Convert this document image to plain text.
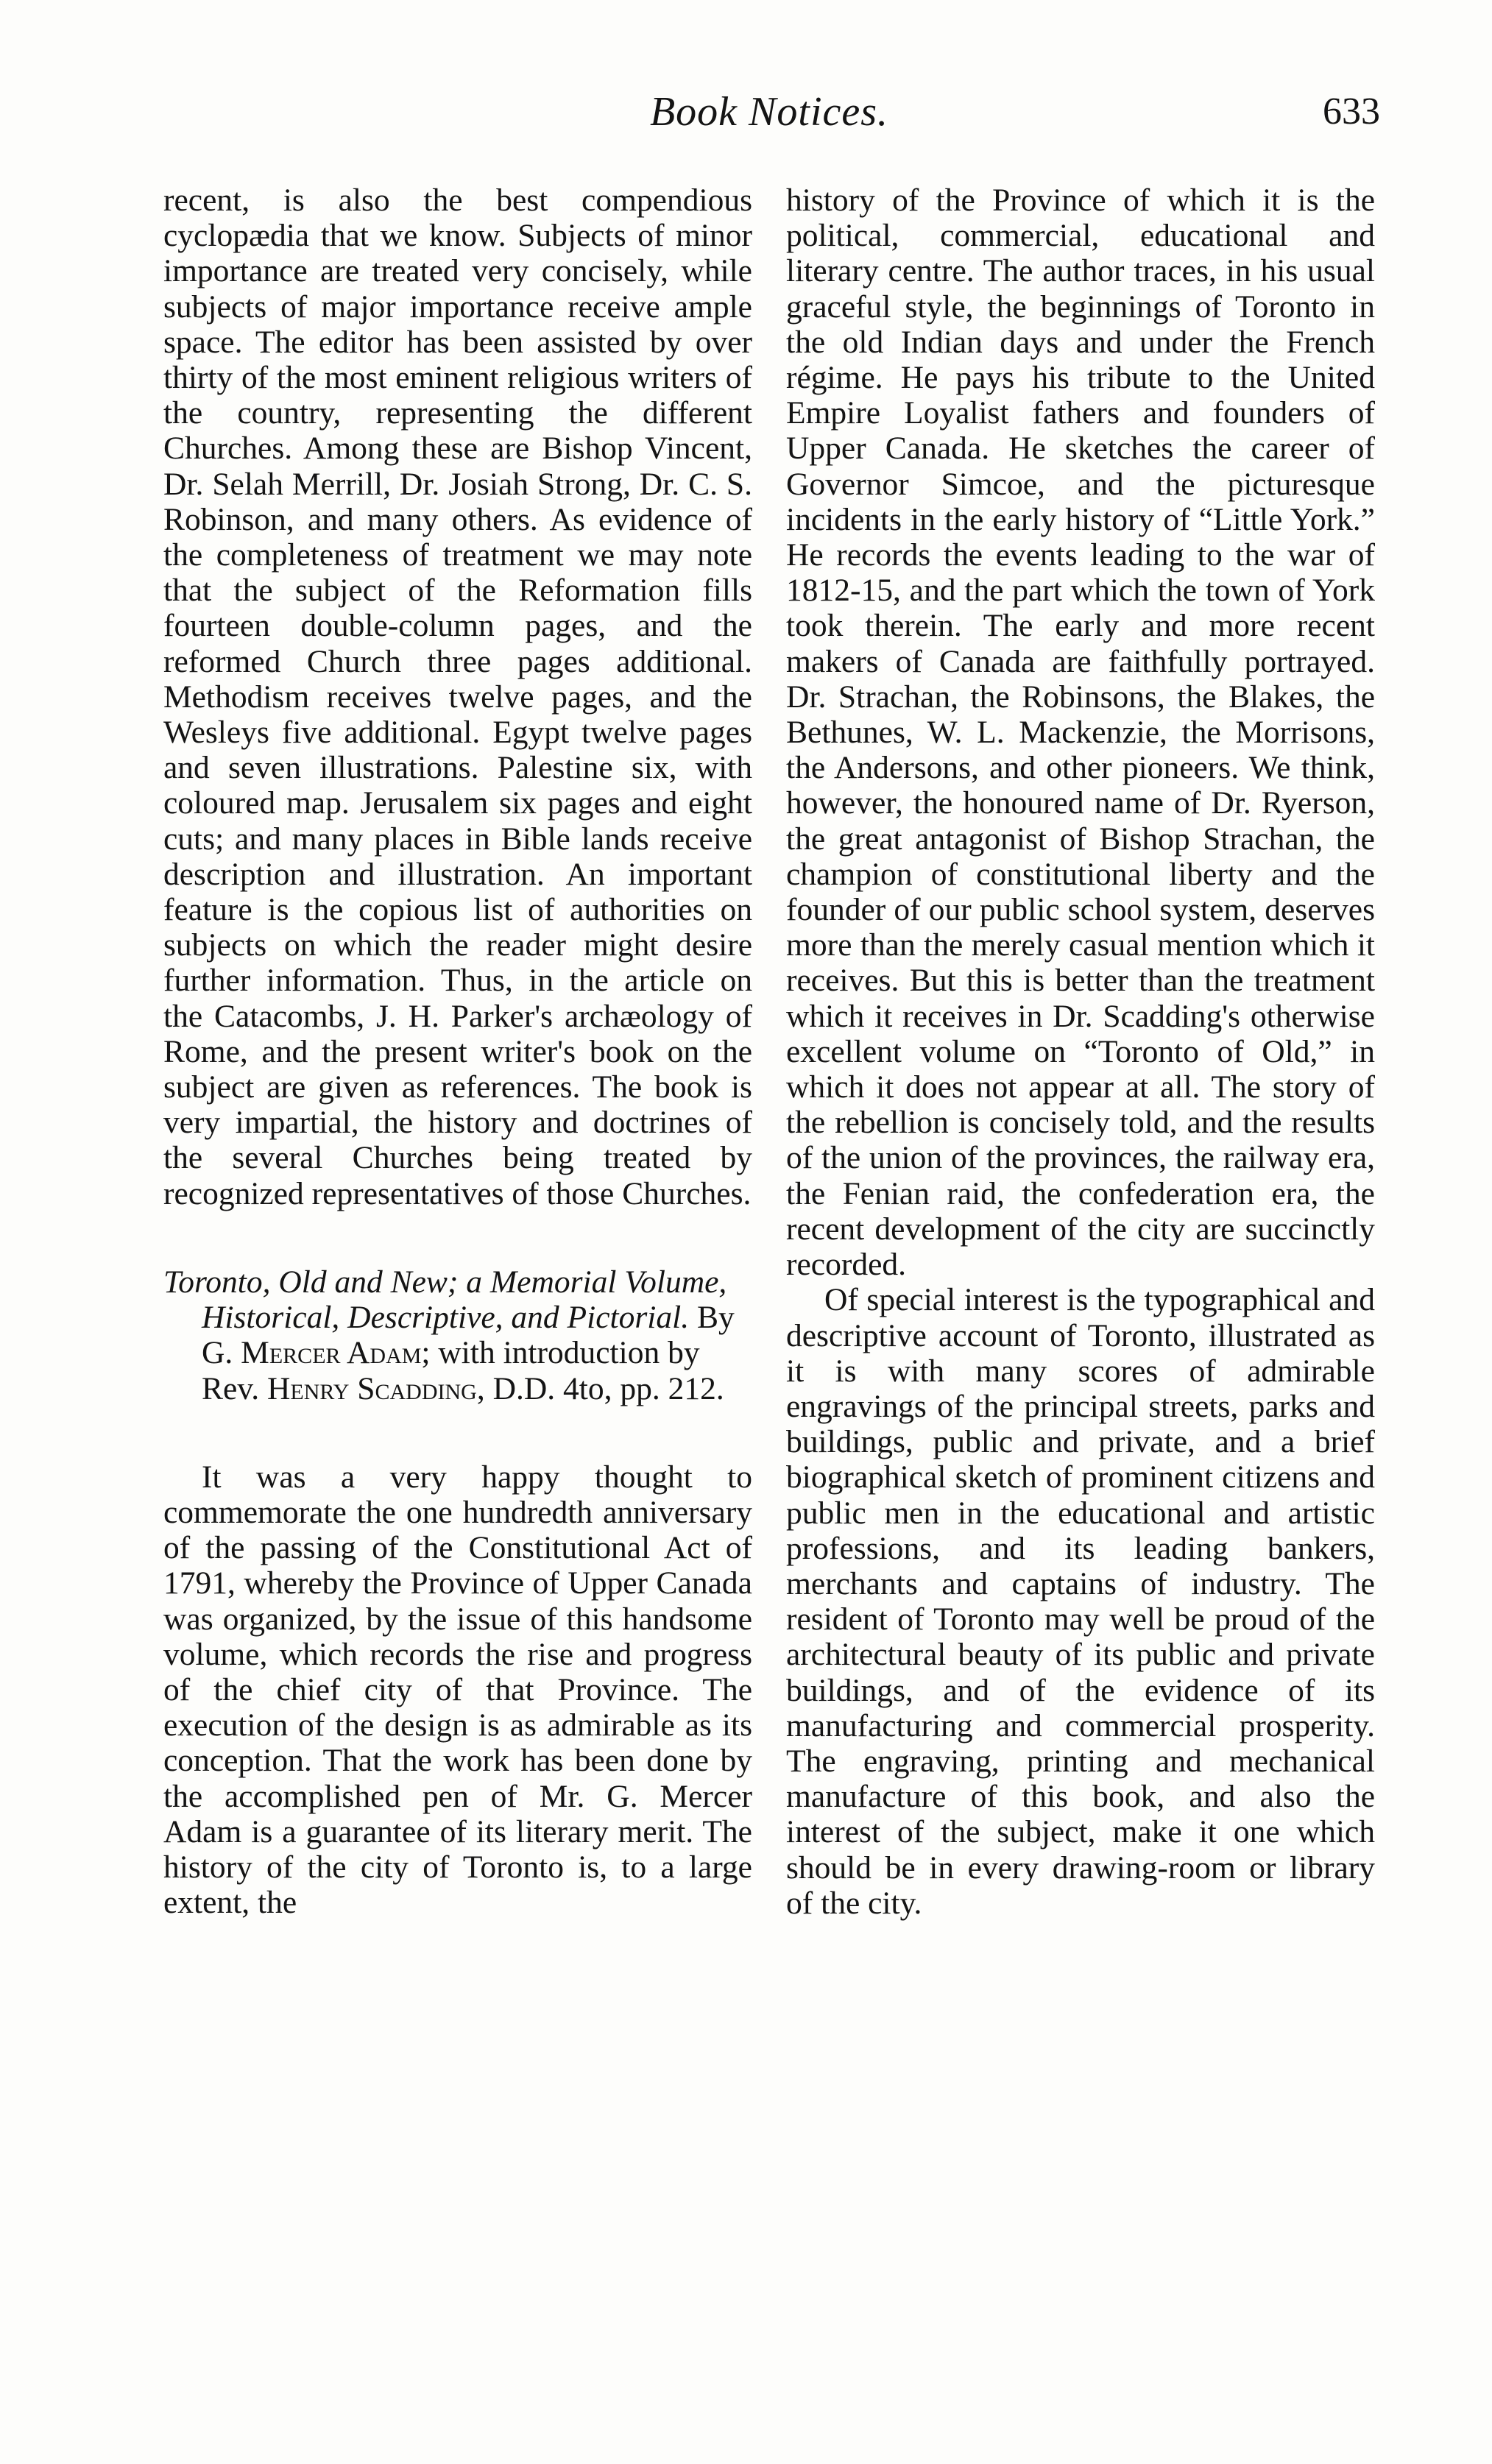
Book Notices.	633

recent, is also the best compendious cyclopædia that we know. Subjects of minor importance are treated very concisely, while subjects of major importance receive ample space. The editor has been assisted by over thirty of the most eminent religious writers of the country, representing the different Churches. Among these are Bishop Vincent, Dr. Selah Merrill, Dr. Josiah Strong, Dr. C. S. Robinson, and many others. As evidence of the completeness of treatment we may note that the subject of the Reformation fills fourteen double-column pages, and the reformed Church three pages additional. Methodism receives twelve pages, and the Wesleys five additional. Egypt twelve pages and seven illustrations. Palestine six, with coloured map. Jerusalem six pages and eight cuts; and many places in Bible lands receive description and illustration. An important feature is the copious list of authorities on subjects on which the reader might desire further information. Thus, in the article on the Catacombs, J. H. Parker's archæology of Rome, and the present writer's book on the subject are given as references. The book is very impartial, the history and doctrines of the several Churches being treated by recognized representatives of those Churches.

Toronto, Old and New; a Memorial Volume, Historical, Descriptive, and Pictorial. By G. Mercer Adam; with introduction by Rev. Henry Scadding, D.D. 4to, pp. 212.

It was a very happy thought to commemorate the one hundredth anniversary of the passing of the Constitutional Act of 1791, whereby the Province of Upper Canada was organized, by the issue of this handsome volume, which records the rise and progress of the chief city of that Province. The execution of the design is as admirable as its conception. That the work has been done by the accomplished pen of Mr. G. Mercer Adam is a guarantee of its literary merit. The history of the city of Toronto is, to a large extent, the

history of the Province of which it is the political, commercial, educational and literary centre. The author traces, in his usual graceful style, the beginnings of Toronto in the old Indian days and under the French régime. He pays his tribute to the United Empire Loyalist fathers and founders of Upper Canada. He sketches the career of Governor Simcoe, and the picturesque incidents in the early history of “Little York.” He records the events leading to the war of 1812-15, and the part which the town of York took therein. The early and more recent makers of Canada are faithfully portrayed. Dr. Strachan, the Robinsons, the Blakes, the Bethunes, W. L. Mackenzie, the Morrisons, the Andersons, and other pioneers. We think, however, the honoured name of Dr. Ryerson, the great antagonist of Bishop Strachan, the champion of constitutional liberty and the founder of our public school system, deserves more than the merely casual mention which it receives. But this is better than the treatment which it receives in Dr. Scadding's otherwise excellent volume on “Toronto of Old,” in which it does not appear at all. The story of the rebellion is concisely told, and the results of the union of the provinces, the railway era, the Fenian raid, the confederation era, the recent development of the city are succinctly recorded.

Of special interest is the typographical and descriptive account of Toronto, illustrated as it is with many scores of admirable engravings of the principal streets, parks and buildings, public and private, and a brief biographical sketch of prominent citizens and public men in the educational and artistic professions, and its leading bankers, merchants and captains of industry. The resident of Toronto may well be proud of the architectural beauty of its public and private buildings, and of the evidence of its manufacturing and commercial prosperity. The engraving, printing and mechanical manufacture of this book, and also the interest of the subject, make it one which should be in every drawing-room or library of the city.
